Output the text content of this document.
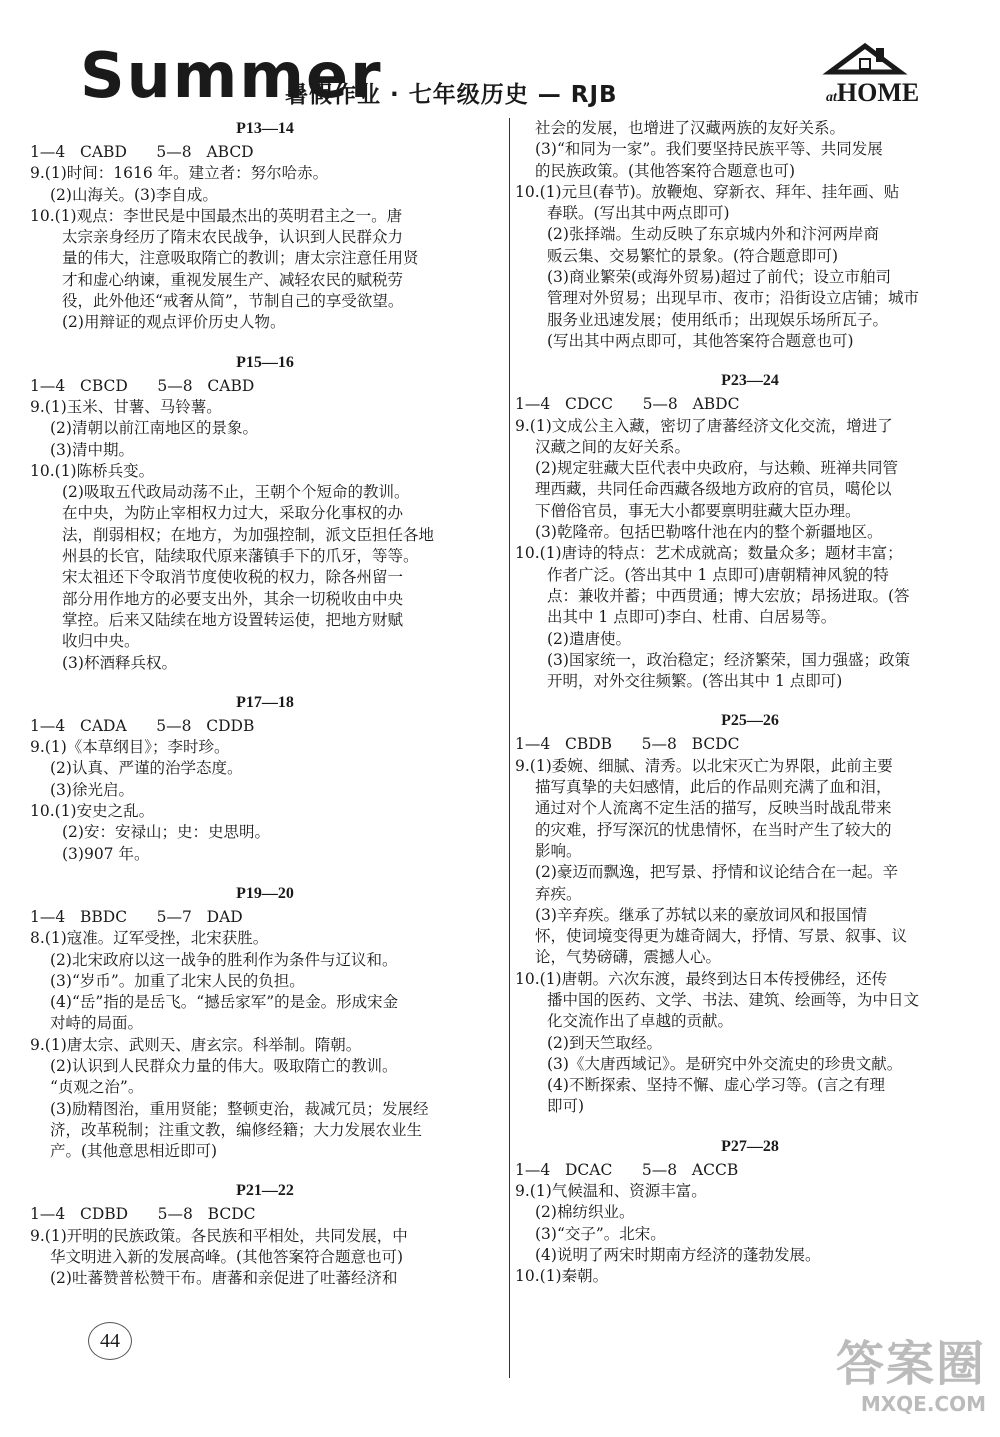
Summer
暑假作业 · 七年级历史 — RJB	atHOME
P13—14
1—4   CABD      5—8   ABCD
9.(1)时间：1616 年。建立者：努尔哈赤。
(2)山海关。(3)李自成。
10.(1)观点：李世民是中国最杰出的英明君主之一。唐
太宗亲身经历了隋末农民战争，认识到人民群众力
量的伟大，注意吸取隋亡的教训；唐太宗注意任用贤
才和虚心纳谏，重视发展生产、减轻农民的赋税劳
役，此外他还“戒奢从简”，节制自己的享受欲望。
(2)用辩证的观点评价历史人物。
P15—16
1—4   CBCD      5—8   CABD
9.(1)玉米、甘薯、马铃薯。
(2)清朝以前江南地区的景象。
(3)清中期。
10.(1)陈桥兵变。
(2)吸取五代政局动荡不止，王朝个个短命的教训。
在中央，为防止宰相权力过大，采取分化事权的办
法，削弱相权；在地方，为加强控制，派文臣担任各地
州县的长官，陆续取代原来藩镇手下的爪牙，等等。
宋太祖还下令取消节度使收税的权力，除各州留一
部分用作地方的必要支出外，其余一切税收由中央
掌控。后来又陆续在地方设置转运使，把地方财赋
收归中央。
(3)杯酒释兵权。
P17—18
1—4   CADA      5—8   CDDB
9.(1)《本草纲目》；李时珍。
(2)认真、严谨的治学态度。
(3)徐光启。
10.(1)安史之乱。
(2)安：安禄山；史：史思明。
(3)907 年。
P19—20
1—4   BBDC      5—7   DAD
8.(1)寇准。辽军受挫，北宋获胜。
(2)北宋政府以这一战争的胜利作为条件与辽议和。
(3)“岁币”。加重了北宋人民的负担。
(4)“岳”指的是岳飞。“撼岳家军”的是金。形成宋金
对峙的局面。
9.(1)唐太宗、武则天、唐玄宗。科举制。隋朝。
(2)认识到人民群众力量的伟大。吸取隋亡的教训。
“贞观之治”。
(3)励精图治，重用贤能；整顿吏治，裁减冗员；发展经
济，改革税制；注重文教，编修经籍；大力发展农业生
产。(其他意思相近即可)
P21—22
1—4   CDBD      5—8   BCDC
9.(1)开明的民族政策。各民族和平相处，共同发展，中
华文明进入新的发展高峰。(其他答案符合题意也可)
(2)吐蕃赞普松赞干布。唐蕃和亲促进了吐蕃经济和
社会的发展，也增进了汉藏两族的友好关系。
(3)“和同为一家”。我们要坚持民族平等、共同发展
的民族政策。(其他答案符合题意也可)
10.(1)元旦(春节)。放鞭炮、穿新衣、拜年、挂年画、贴
春联。(写出其中两点即可)
(2)张择端。生动反映了东京城内外和汴河两岸商
贩云集、交易繁忙的景象。(符合题意即可)
(3)商业繁荣(或海外贸易)超过了前代；设立市舶司
管理对外贸易；出现早市、夜市；沿街设立店铺；城市
服务业迅速发展；使用纸币；出现娱乐场所瓦子。
(写出其中两点即可，其他答案符合题意也可)
P23—24
1—4   CDCC      5—8   ABDC
9.(1)文成公主入藏，密切了唐蕃经济文化交流，增进了
汉藏之间的友好关系。
(2)规定驻藏大臣代表中央政府，与达赖、班禅共同管
理西藏，共同任命西藏各级地方政府的官员，噶伦以
下僧俗官员，事无大小都要禀明驻藏大臣办理。
(3)乾隆帝。包括巴勒喀什池在内的整个新疆地区。
10.(1)唐诗的特点：艺术成就高；数量众多；题材丰富；
作者广泛。(答出其中 1 点即可)唐朝精神风貌的特
点：兼收并蓄；中西贯通；博大宏放；昂扬进取。(答
出其中 1 点即可)李白、杜甫、白居易等。
(2)遣唐使。
(3)国家统一，政治稳定；经济繁荣，国力强盛；政策
开明，对外交往频繁。(答出其中 1 点即可)
P25—26
1—4   CBDB      5—8   BCDC
9.(1)委婉、细腻、清秀。以北宋灭亡为界限，此前主要
描写真挚的夫妇感情，此后的作品则充满了血和泪，
通过对个人流离不定生活的描写，反映当时战乱带来
的灾难，抒写深沉的忧患情怀，在当时产生了较大的
影响。
(2)豪迈而飘逸，把写景、抒情和议论结合在一起。辛
弃疾。
(3)辛弃疾。继承了苏轼以来的豪放词风和报国情
怀，使词境变得更为雄奇阔大，抒情、写景、叙事、议
论，气势磅礴，震撼人心。
10.(1)唐朝。六次东渡，最终到达日本传授佛经，还传
播中国的医药、文学、书法、建筑、绘画等，为中日文
化交流作出了卓越的贡献。
(2)到天竺取经。
(3)《大唐西域记》。是研究中外交流史的珍贵文献。
(4)不断探索、坚持不懈、虚心学习等。(言之有理
即可)
P27—28
1—4   DCAC      5—8   ACCB
9.(1)气候温和、资源丰富。
(2)棉纺织业。
(3)“交子”。北宋。
(4)说明了两宋时期南方经济的蓬勃发展。
10.(1)秦朝。
44	答案圈
MXQE.COM
